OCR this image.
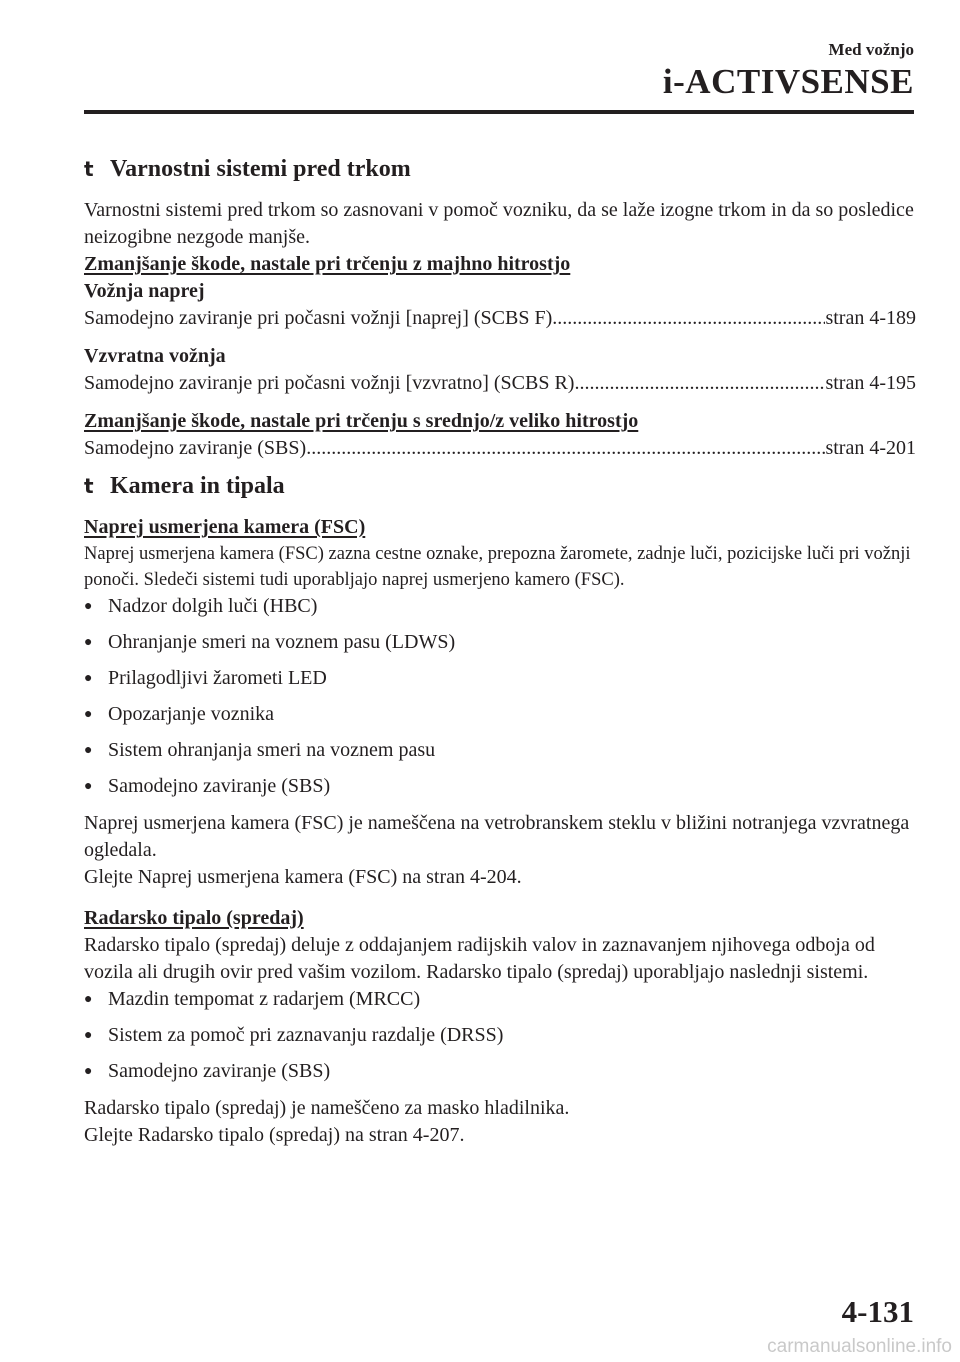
Med vožnjo
i-ACTIVSENSE
t Varnostni sistemi pred trkom

Varnostni sistemi pred trkom so zasnovani v pomoč vozniku, da se laže izogne trkom in da so posledice neizogibne nezgode manjše.

Zmanjšanje škode, nastale pri trčenju z majhno hitrostjo

Vožnja naprej

Samodejno zaviranje pri počasni vožnji [naprej] (SCBS F) .....	stran 4-189

Vzvratna vožnja

Samodejno zaviranje pri počasni vožnji [vzvratno] (SCBS R) .....	stran 4-195

Zmanjšanje škode, nastale pri trčenju s srednjo/z veliko hitrostjo

Samodejno zaviranje (SBS) .....	stran 4-201
t Kamera in tipala

Naprej usmerjena kamera (FSC)

Naprej usmerjena kamera (FSC) zazna cestne oznake, prepozna žaromete, zadnje luči, pozicijske luči pri vožnji ponoči. Sledeči sistemi tudi uporabljajo naprej usmerjeno kamero (FSC).

● Nadzor dolgih luči (HBC)
● Ohranjanje smeri na voznem pasu (LDWS)
● Prilagodljivi žarometi LED
● Opozarjanje voznika
● Sistem ohranjanja smeri na voznem pasu
● Samodejno zaviranje (SBS)

Naprej usmerjena kamera (FSC) je nameščena na vetrobranskem steklu v bližini notranjega vzvratnega ogledala.

Glejte Naprej usmerjena kamera (FSC) na stran 4-204.

Radarsko tipalo (spredaj)

Radarsko tipalo (spredaj) deluje z oddajanjem radijskih valov in zaznavanjem njihovega odboja od vozila ali drugih ovir pred vašim vozilom. Radarsko tipalo (spredaj) uporabljajo naslednji sistemi.

● Mazdin tempomat z radarjem (MRCC)
● Sistem za pomoč pri zaznavanju razdalje (DRSS)
● Samodejno zaviranje (SBS)

Radarsko tipalo (spredaj) je nameščeno za masko hladilnika.

Glejte Radarsko tipalo (spredaj) na stran 4-207.

4-131
carmanualsonline.info
